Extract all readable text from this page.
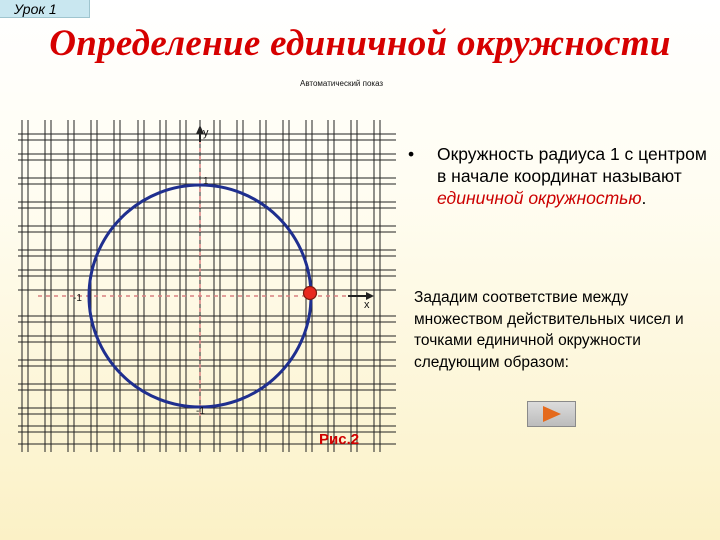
Урок 1
Определение единичной окружности
Автоматический показ
y
x
1
-1
-1
Рис.2
• Окружность радиуса 1 с центром в начале координат называют единичной окружностью.
Зададим соответствие между множеством действительных чисел и точками единичной окружности следующим образом:
